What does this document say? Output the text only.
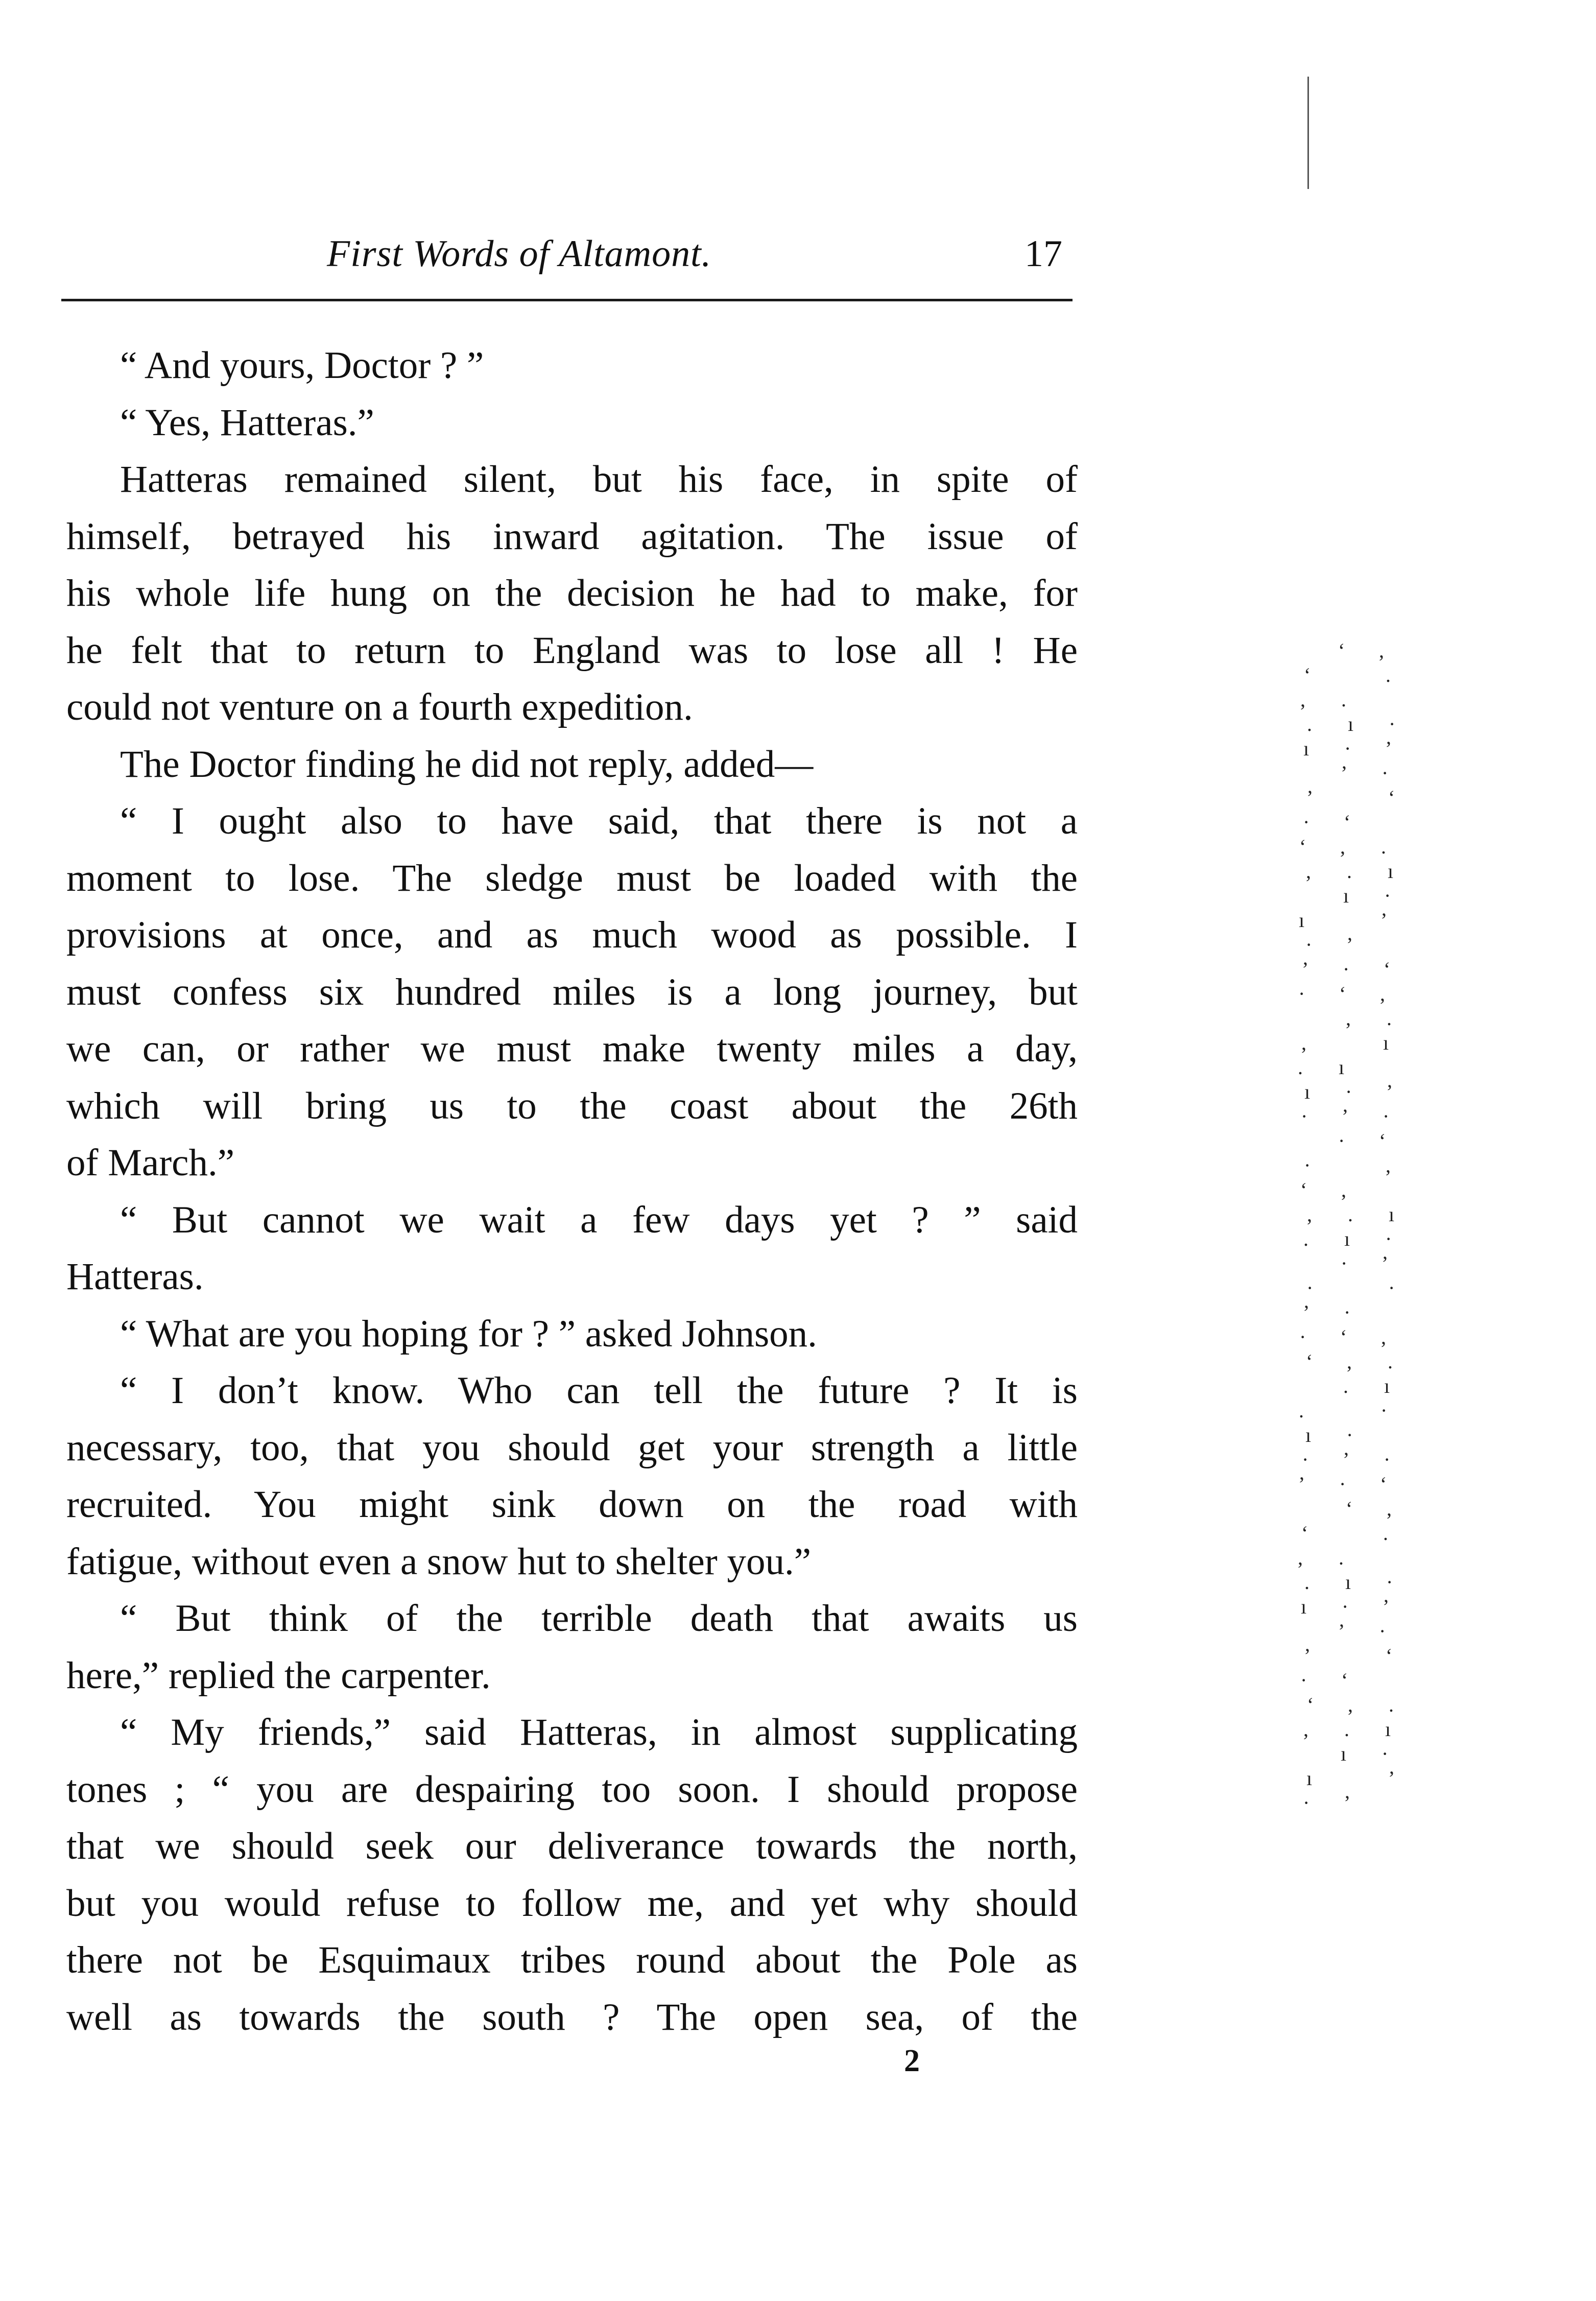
First Words of Altamont.	17
“ And yours, Doctor ? ”
“ Yes, Hatteras.”
Hatteras remained silent, but his face, in spite of
himself, betrayed his inward agitation. The issue of
his whole life hung on the decision he had to make, for
he felt that to return to England was to lose all ! He
could not venture on a fourth expedition.
The Doctor finding he did not reply, added—
“ I ought also to have said, that there is not a
moment to lose. The sledge must be loaded with the
provisions at once, and as much wood as possible. I
must confess six hundred miles is a long journey, but
we can, or rather we must make twenty miles a day,
which will bring us to the coast about the 26th
of March.”
“ But cannot we wait a few days yet ? ” said
Hatteras.
“ What are you hoping for ? ” asked Johnson.
“ I don’t know. Who can tell the future ? It is
necessary, too, that you should get your strength a little
recruited. You might sink down on the road with
fatigue, without even a snow hut to shelter you.”
“ But think of the terrible death that awaits us
here,” replied the carpenter.
“ My friends,” said Hatteras, in almost supplicating
tones ; “ you are despairing too soon. I should propose
that we should seek our deliverance towards the north,
but you would refuse to follow me, and yet why should
there not be Esquimaux tribes round about the Pole as
well as towards the south ? The open sea, of the
2
‘ ,
‘	.
, .
. ı ·
ı · ’
’ ·
’	‘
· ‘
‘ , .
, . ı
ı ·
ı	’
· ’
’ · ‘
· ‘ ,
, .
,	ı
. ı
ı · ’
· ’ ·
· ‘
·	,
‘ ,
, . ı
. ı ·
· ’
·	·
’ ·
· ‘ ,
‘ , .
. ı
.	·
ı ·
· ’ ·
’ · ‘
‘ ,
‘	.
, .
. ı ·
ı · ’
’ ·
’	‘
· ‘
‘ , .
, . ı
ı ·
ı	’
· ’
